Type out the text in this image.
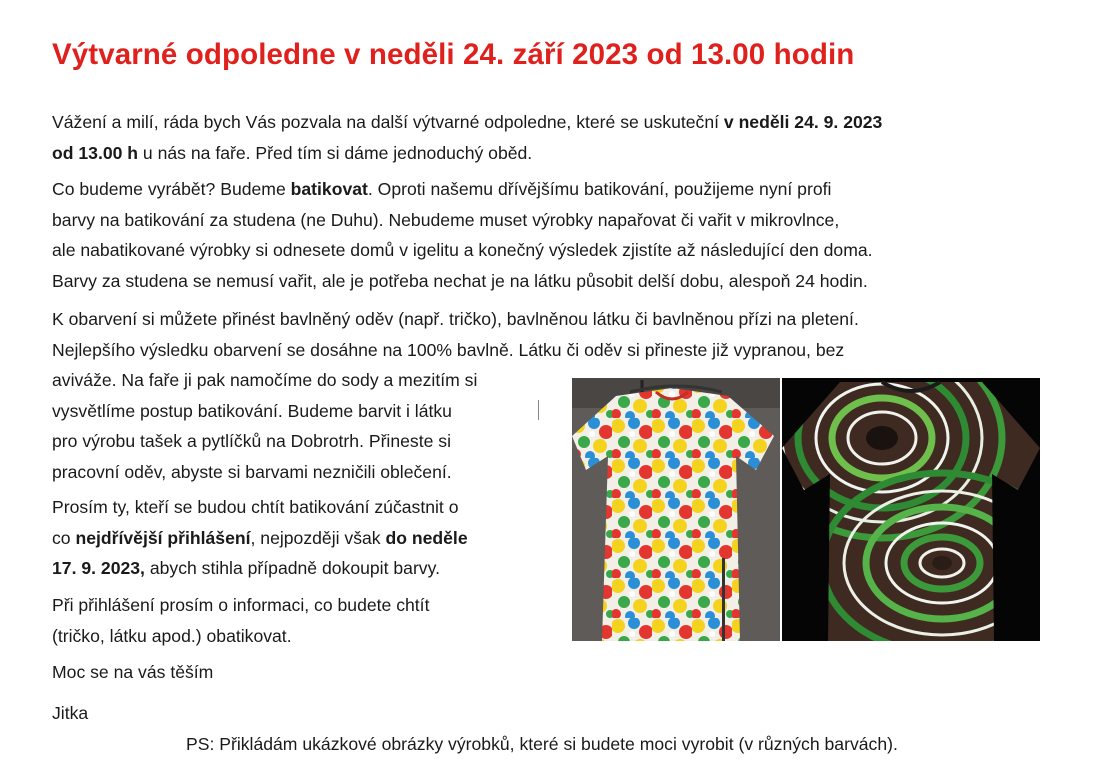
Výtvarné odpoledne v neděli 24. září 2023 od 13.00 hodin

Vážení a milí, ráda bych Vás pozvala na další výtvarné odpoledne, které se uskuteční v neděli 24. 9. 2023
od 13.00 h u nás na faře. Před tím si dáme jednoduchý oběd.

Co budeme vyrábět? Budeme batikovat. Oproti našemu dřívějšímu batikování, použijeme nyní profi
barvy na batikování za studena (ne Duhu). Nebudeme muset výrobky napařovat či vařit v mikrovlnce,
ale nabatikované výrobky si odnesete domů v igelitu a konečný výsledek zjistíte až následující den doma.
Barvy za studena se nemusí vařit, ale je potřeba nechat je na látku působit delší dobu, alespoň 24 hodin.

K obarvení si můžete přinést bavlněný oděv (např. tričko), bavlněnou látku či bavlněnou přízi na pletení.
Nejlepšího výsledku obarvení se dosáhne na 100% bavlně. Látku či oděv si přineste již vypranou, bez
aviváže. Na faře ji pak namočíme do sody a mezitím si
vysvětlíme postup batikování. Budeme barvit i látku
pro výrobu tašek a pytlíčků na Dobrotrh. Přineste si
pracovní oděv, abyste si barvami nezničili oblečení.

Prosím ty, kteří se budou chtít batikování zúčastnit o
co nejdřívější přihlášení, nejpozději však do neděle
17. 9. 2023, abych stihla případně dokoupit barvy.

Při přihlášení prosím o informaci, co budete chtít
(tričko, látku apod.) obatikovat.

Moc se na vás těším

Jitka

PS: Přikládám ukázkové obrázky výrobků, které si budete moci vyrobit (v různých barvách).
